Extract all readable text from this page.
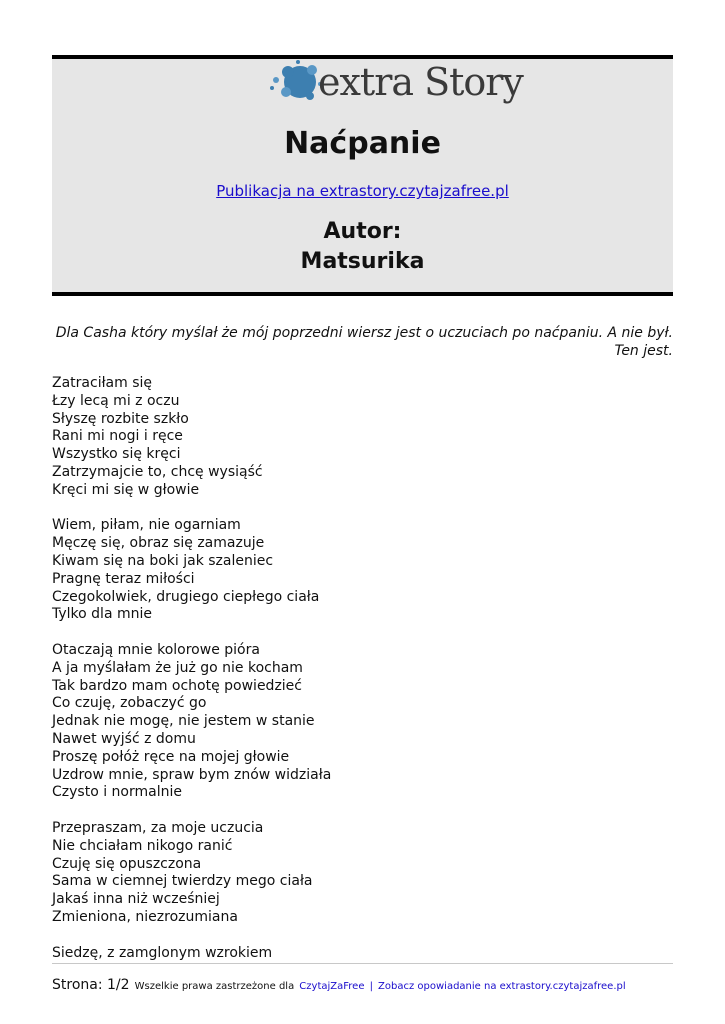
extra Story
Naćpanie
Publikacja na extrastory.czytajzafree.pl
Autor:
Matsurika
Dla Casha który myślał że mój poprzedni wiersz jest o uczuciach po naćpaniu. A nie był. Ten jest.
Zatraciłam się
Łzy lecą mi z oczu
Słyszę rozbite szkło
Rani mi nogi i ręce
Wszystko się kręci
Zatrzymajcie to, chcę wysiąść
Kręci mi się w głowie
Wiem, piłam, nie ogarniam
Męczę się, obraz się zamazuje
Kiwam się na boki jak szaleniec
Pragnę teraz miłości
Czegokolwiek, drugiego ciepłego ciała
Tylko dla mnie
Otaczają mnie kolorowe pióra
A ja myślałam że już go nie kocham
Tak bardzo mam ochotę powiedzieć
Co czuję, zobaczyć go
Jednak nie mogę, nie jestem w stanie
Nawet wyjść z domu
Proszę połóż ręce na mojej głowie
Uzdrow mnie, spraw bym znów widziała
Czysto i normalnie
Przepraszam, za moje uczucia
Nie chciałam nikogo ranić
Czuję się opuszczona
Sama w ciemnej twierdzy mego ciała
Jakaś inna niż wcześniej
Zmieniona, niezrozumiana
Siedzę, z zamglonym wzrokiem
Strona: 1/2 Wszelkie prawa zastrzeżone dla CzytajZaFree | Zobacz opowiadanie na extrastory.czytajzafree.pl
